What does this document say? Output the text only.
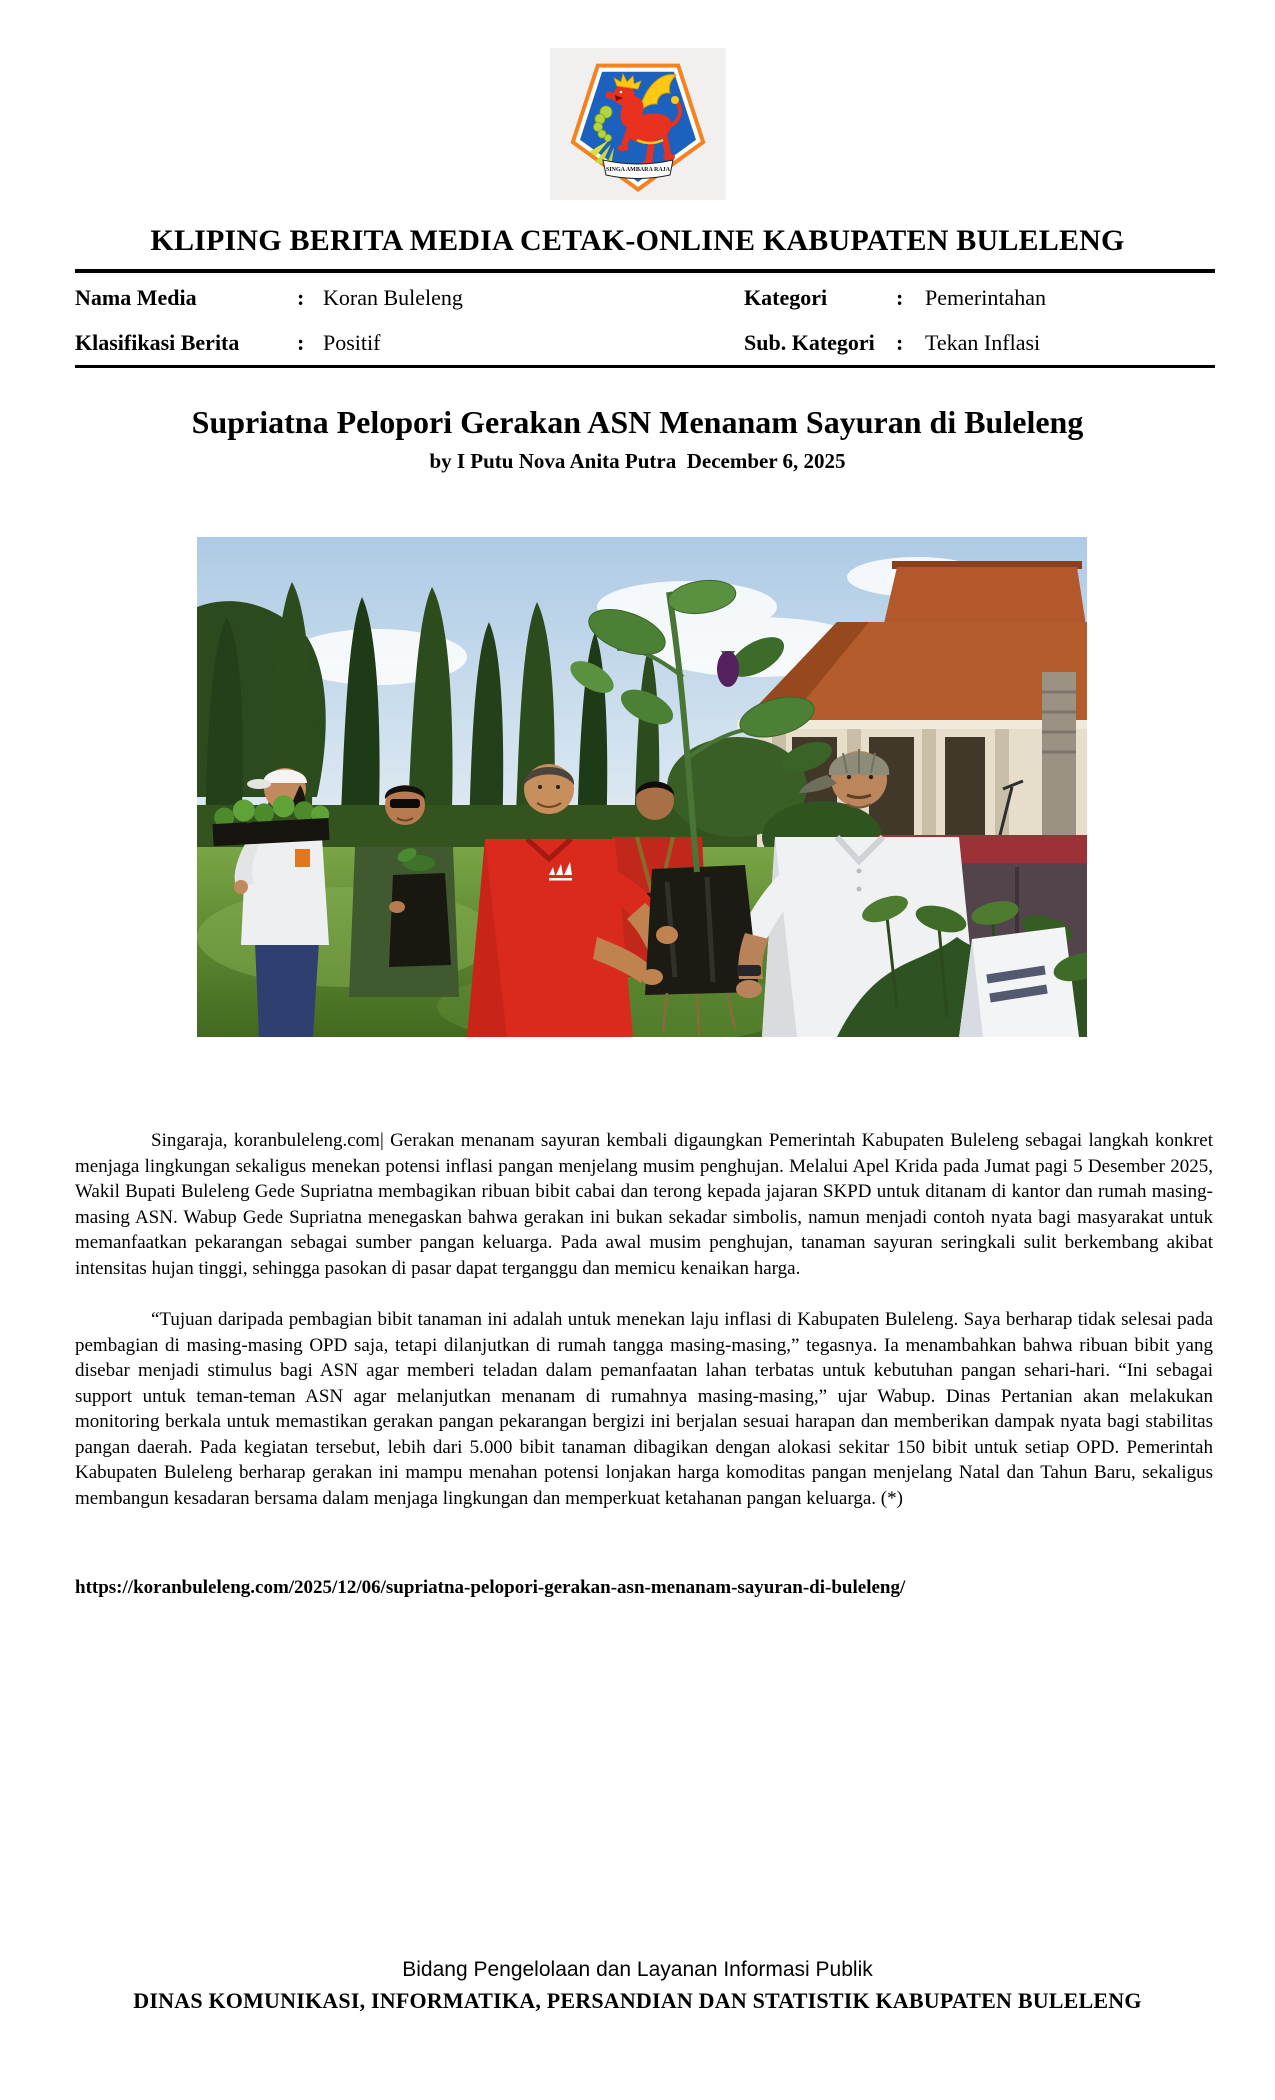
SINGA AMBARA RAJA
KLIPING BERITA MEDIA CETAK-ONLINE KABUPATEN BULELENG
Nama Media	: Koran Buleleng	Kategori	: Pemerintahan
Klasifikasi Berita	: Positif	Sub. Kategori : Tekan Inflasi
Supriatna Pelopori Gerakan ASN Menanam Sayuran di Buleleng
by I Putu Nova Anita Putra  December 6, 2025

Singaraja, koranbuleleng.com| Gerakan menanam sayuran kembali digaungkan Pemerintah Kabupaten Buleleng sebagai langkah konkret menjaga lingkungan sekaligus menekan potensi inflasi pangan menjelang musim penghujan. Melalui Apel Krida pada Jumat pagi 5 Desember 2025, Wakil Bupati Buleleng Gede Supriatna membagikan ribuan bibit cabai dan terong kepada jajaran SKPD untuk ditanam di kantor dan rumah masing-masing ASN. Wabup Gede Supriatna menegaskan bahwa gerakan ini bukan sekadar simbolis, namun menjadi contoh nyata bagi masyarakat untuk memanfaatkan pekarangan sebagai sumber pangan keluarga. Pada awal musim penghujan, tanaman sayuran seringkali sulit berkembang akibat intensitas hujan tinggi, sehingga pasokan di pasar dapat terganggu dan memicu kenaikan harga.

“Tujuan daripada pembagian bibit tanaman ini adalah untuk menekan laju inflasi di Kabupaten Buleleng. Saya berharap tidak selesai pada pembagian di masing-masing OPD saja, tetapi dilanjutkan di rumah tangga masing-masing,” tegasnya. Ia menambahkan bahwa ribuan bibit yang disebar menjadi stimulus bagi ASN agar memberi teladan dalam pemanfaatan lahan terbatas untuk kebutuhan pangan sehari-hari. “Ini sebagai support untuk teman-teman ASN agar melanjutkan menanam di rumahnya masing-masing,” ujar Wabup. Dinas Pertanian akan melakukan monitoring berkala untuk memastikan gerakan pangan pekarangan bergizi ini berjalan sesuai harapan dan memberikan dampak nyata bagi stabilitas pangan daerah. Pada kegiatan tersebut, lebih dari 5.000 bibit tanaman dibagikan dengan alokasi sekitar 150 bibit untuk setiap OPD. Pemerintah Kabupaten Buleleng berharap gerakan ini mampu menahan potensi lonjakan harga komoditas pangan menjelang Natal dan Tahun Baru, sekaligus membangun kesadaran bersama dalam menjaga lingkungan dan memperkuat ketahanan pangan keluarga. (*)

https://koranbuleleng.com/2025/12/06/supriatna-pelopori-gerakan-asn-menanam-sayuran-di-buleleng/
Bidang Pengelolaan dan Layanan Informasi Publik
DINAS KOMUNIKASI, INFORMATIKA, PERSANDIAN DAN STATISTIK KABUPATEN BULELENG
